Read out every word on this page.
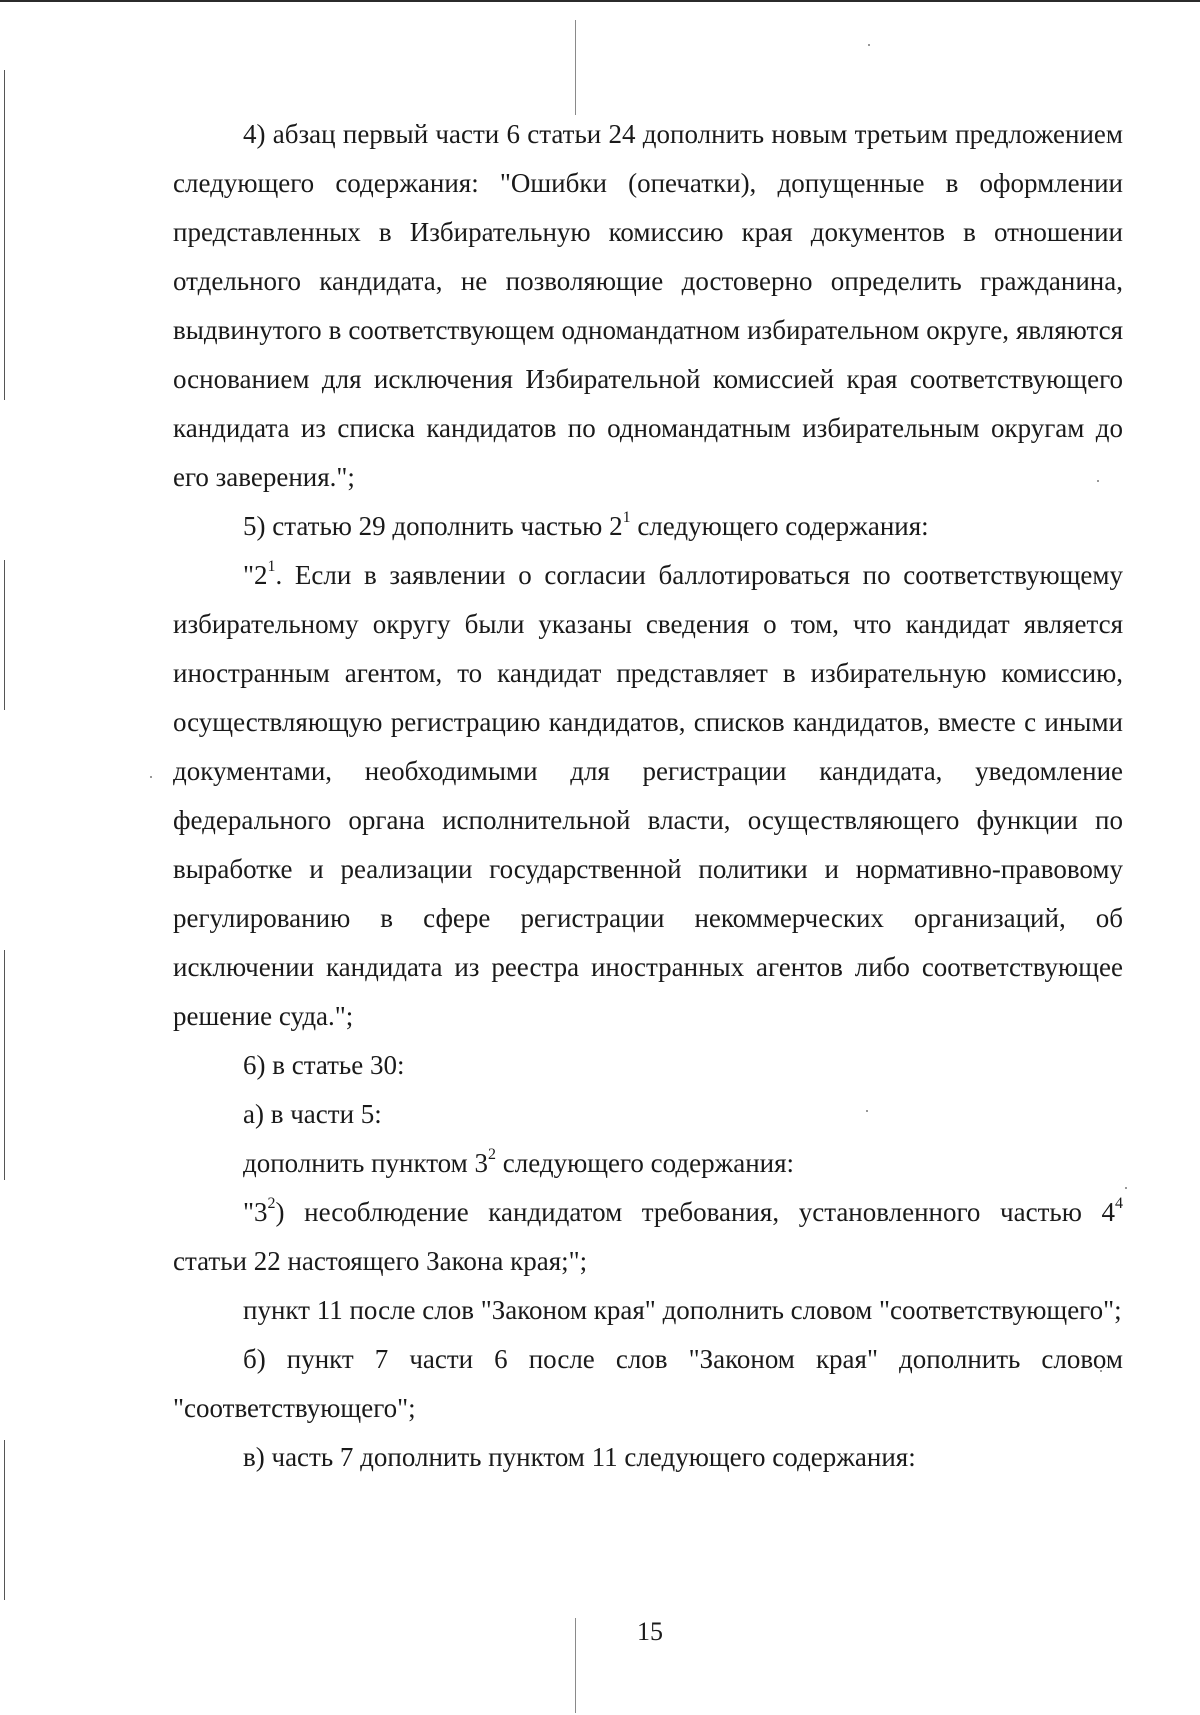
4) абзац первый части 6 статьи 24 дополнить новым третьим предложением следующего содержания: "Ошибки (опечатки), допущенные в оформлении представленных в Избирательную комиссию края документов в отношении отдельного кандидата, не позволяющие достоверно определить гражданина, выдвинутого в соответствующем одномандатном избирательном округе, являются основанием для исключения Избирательной комиссией края соответствующего кандидата из списка кандидатов по одномандатным избирательным округам до его заверения.";

5) статью 29 дополнить частью $2^1$ следующего содержания:

"$2^1$. Если в заявлении о согласии баллотироваться по соответствующему избирательному округу были указаны сведения о том, что кандидат является иностранным агентом, то кандидат представляет в избирательную комиссию, осуществляющую регистрацию кандидатов, списков кандидатов, вместе с иными документами, необходимыми для регистрации кандидата, уведомление федерального органа исполнительной власти, осуществляющего функции по выработке и реализации государственной политики и нормативно-правовому регулированию в сфере регистрации некоммерческих организаций, об исключении кандидата из реестра иностранных агентов либо соответствующее решение суда.";

6) в статье 30:

а) в части 5:

дополнить пунктом $3^2$ следующего содержания:

"$3^2$) несоблюдение кандидатом требования, установленного частью $4^4$ статьи 22 настоящего Закона края;";

пункт 11 после слов "Законом края" дополнить словом "соответствующего";

б) пункт 7 части 6 после слов "Законом края" дополнить словом "соответствующего";

в) часть 7 дополнить пунктом 11 следующего содержания:

15
